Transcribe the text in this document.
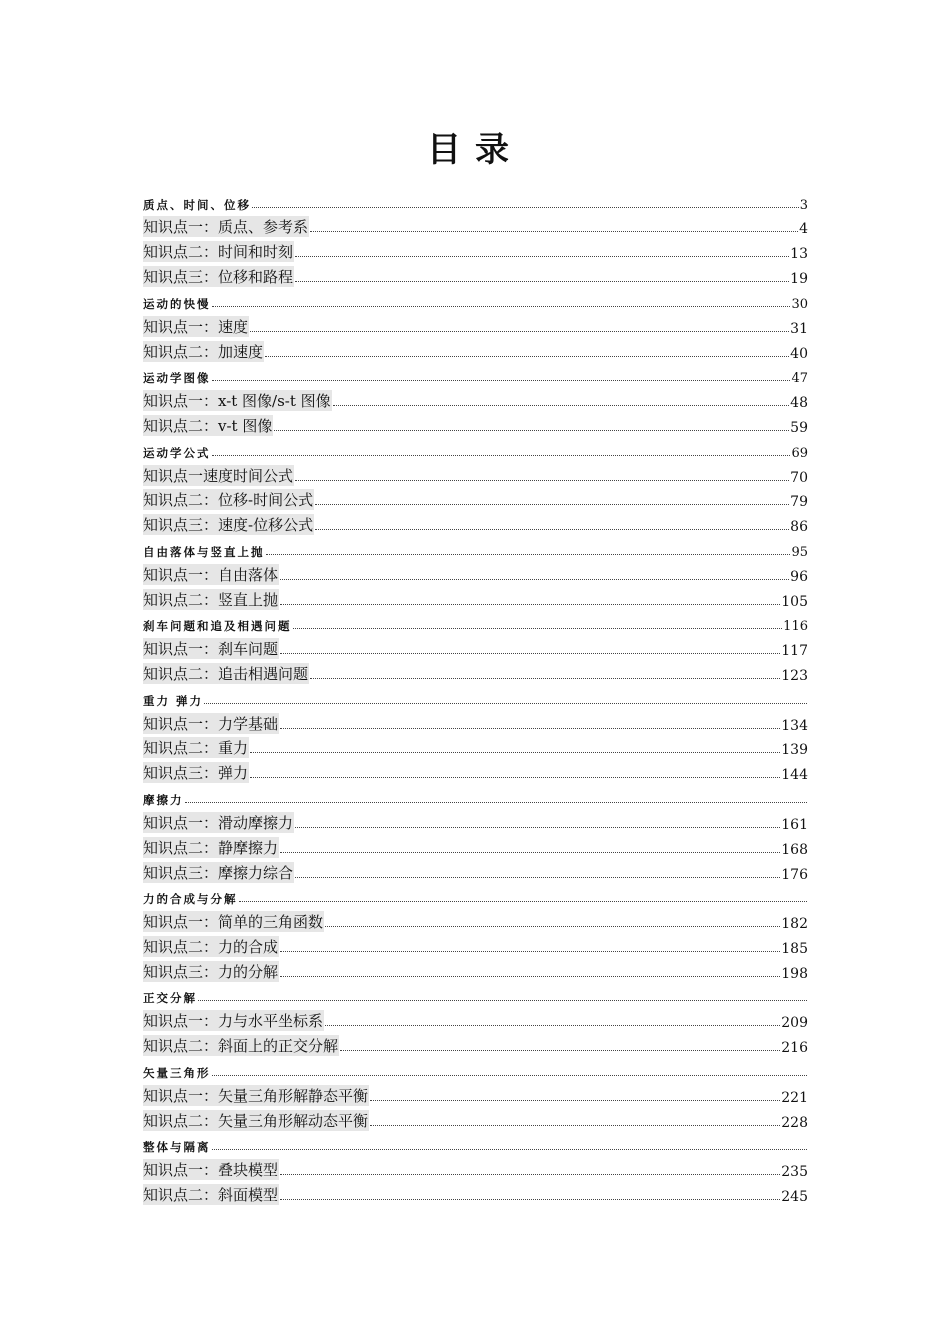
目录
质点、时间、位移	3
知识点一：质点、参考系	4
知识点二：时间和时刻	13
知识点三：位移和路程	19
运动的快慢	30
知识点一：速度	31
知识点二：加速度	40
运动学图像	47
知识点一：x-t 图像/s-t 图像	48
知识点二：v-t 图像	59
运动学公式	69
知识点一速度时间公式	70
知识点二：位移-时间公式	79
知识点三：速度-位移公式	86
自由落体与竖直上抛	95
知识点一：自由落体	96
知识点二：竖直上抛	105
刹车问题和追及相遇问题	116
知识点一：刹车问题	117
知识点二：追击相遇问题	123
重力 弹力
知识点一：力学基础	134
知识点二：重力	139
知识点三：弹力	144
摩擦力
知识点一：滑动摩擦力	161
知识点二：静摩擦力	168
知识点三：摩擦力综合	176
力的合成与分解
知识点一：简单的三角函数	182
知识点二：力的合成	185
知识点三：力的分解	198
正交分解
知识点一：力与水平坐标系	209
知识点二：斜面上的正交分解	216
矢量三角形
知识点一：矢量三角形解静态平衡	221
知识点二：矢量三角形解动态平衡	228
整体与隔离
知识点一：叠块模型	235
知识点二：斜面模型	245
